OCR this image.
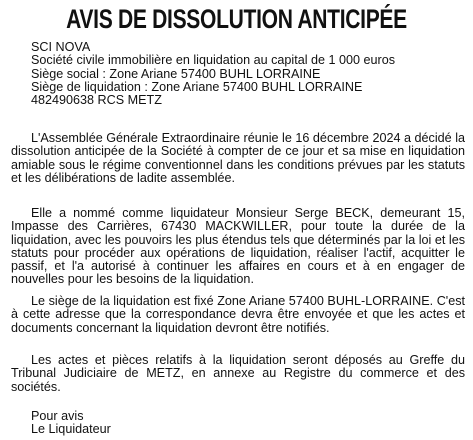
AVIS DE DISSOLUTION ANTICIPÉE
SCI NOVA
Société civile immobilière en liquidation au capital de 1 000 euros
Siège social : Zone Ariane 57400 BUHL LORRAINE
Siège de liquidation : Zone Ariane 57400 BUHL LORRAINE
482490638 RCS METZ

L'Assemblée Générale Extraordinaire réunie le 16 décembre 2024 a décidé la dissolution anticipée de la Société à compter de ce jour et sa mise en liquidation amiable sous le régime conventionnel dans les conditions prévues par les statuts et les délibérations de ladite assemblée.

Elle a nommé comme liquidateur Monsieur Serge BECK, demeurant 15, Impasse des Carrières, 67430 MACKWILLER, pour toute la durée de la liquidation, avec les pouvoirs les plus étendus tels que déterminés par la loi et les statuts pour procéder aux opérations de liquidation, réaliser l'actif, acquitter le passif, et l'a autorisé à continuer les affaires en cours et à en engager de nouvelles pour les besoins de la liquidation.

Le siège de la liquidation est fixé Zone Ariane 57400 BUHL-LORRAINE. C'est à cette adresse que la correspondance devra être envoyée et que les actes et documents concernant la liquidation devront être notifiés.

Les actes et pièces relatifs à la liquidation seront déposés au Greffe du Tribunal Judiciaire de METZ, en annexe au Registre du commerce et des sociétés.

Pour avis
Le Liquidateur
